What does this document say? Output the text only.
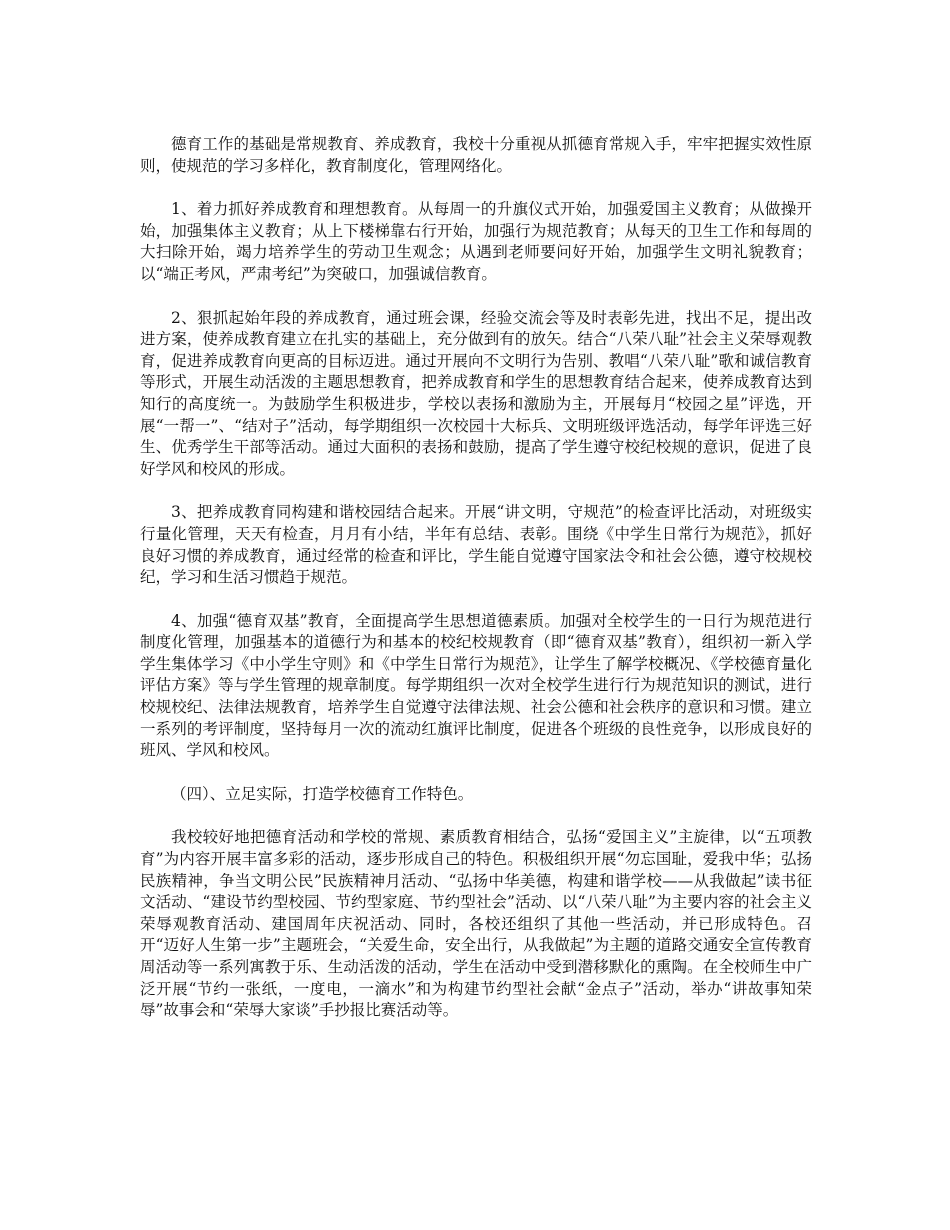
德育工作的基础是常规教育、养成教育，我校十分重视从抓德育常规入手，牢牢把握实效性原则，使规范的学习多样化，教育制度化，管理网络化。

1、着力抓好养成教育和理想教育。从每周一的升旗仪式开始，加强爱国主义教育；从做操开始，加强集体主义教育；从上下楼梯靠右行开始，加强行为规范教育；从每天的卫生工作和每周的大扫除开始，竭力培养学生的劳动卫生观念；从遇到老师要问好开始，加强学生文明礼貌教育；以“端正考风，严肃考纪”为突破口，加强诚信教育。

2、狠抓起始年段的养成教育，通过班会课，经验交流会等及时表彰先进，找出不足，提出改进方案，使养成教育建立在扎实的基础上，充分做到有的放矢。结合“八荣八耻”社会主义荣辱观教育，促进养成教育向更高的目标迈进。通过开展向不文明行为告别、教唱“八荣八耻”歌和诚信教育等形式，开展生动活泼的主题思想教育，把养成教育和学生的思想教育结合起来，使养成教育达到知行的高度统一。为鼓励学生积极进步，学校以表扬和激励为主，开展每月“校园之星”评选，开展“一帮一”、“结对子”活动，每学期组织一次校园十大标兵、文明班级评选活动，每学年评选三好生、优秀学生干部等活动。通过大面积的表扬和鼓励，提高了学生遵守校纪校规的意识，促进了良好学风和校风的形成。

3、把养成教育同构建和谐校园结合起来。开展“讲文明，守规范”的检查评比活动，对班级实行量化管理，天天有检查，月月有小结，半年有总结、表彰。围绕《中学生日常行为规范》，抓好良好习惯的养成教育，通过经常的检查和评比，学生能自觉遵守国家法令和社会公德，遵守校规校纪，学习和生活习惯趋于规范。

4、加强“德育双基”教育，全面提高学生思想道德素质。加强对全校学生的一日行为规范进行制度化管理，加强基本的道德行为和基本的校纪校规教育（即“德育双基”教育），组织初一新入学学生集体学习《中小学生守则》和《中学生日常行为规范》，让学生了解学校概况、《学校德育量化评估方案》等与学生管理的规章制度。每学期组织一次对全校学生进行行为规范知识的测试，进行校规校纪、法律法规教育，培养学生自觉遵守法律法规、社会公德和社会秩序的意识和习惯。建立一系列的考评制度，坚持每月一次的流动红旗评比制度，促进各个班级的良性竞争，以形成良好的班风、学风和校风。

（四）、立足实际，打造学校德育工作特色。

我校较好地把德育活动和学校的常规、素质教育相结合，弘扬“爱国主义”主旋律，以“五项教育”为内容开展丰富多彩的活动，逐步形成自己的特色。积极组织开展“勿忘国耻，爱我中华；弘扬民族精神，争当文明公民”民族精神月活动、“弘扬中华美德，构建和谐学校——从我做起”读书征文活动、“建设节约型校园、节约型家庭、节约型社会”活动、以“八荣八耻”为主要内容的社会主义荣辱观教育活动、建国周年庆祝活动、同时，各校还组织了其他一些活动，并已形成特色。召开“迈好人生第一步”主题班会，“关爱生命，安全出行，从我做起”为主题的道路交通安全宣传教育周活动等一系列寓教于乐、生动活泼的活动，学生在活动中受到潜移默化的熏陶。在全校师生中广泛开展“节约一张纸，一度电，一滴水”和为构建节约型社会献“金点子”活动，举办“讲故事知荣辱”故事会和“荣辱大家谈”手抄报比赛活动等。
